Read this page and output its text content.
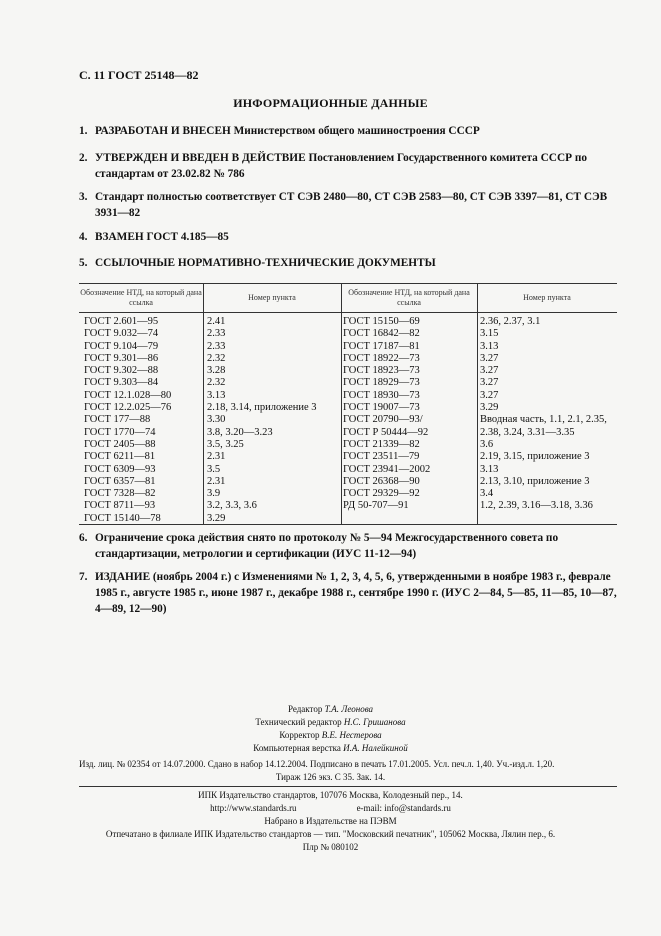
С. 11 ГОСТ 25148—82
ИНФОРМАЦИОННЫЕ ДАННЫЕ
1. РАЗРАБОТАН И ВНЕСЕН Министерством общего машиностроения СССР
2. УТВЕРЖДЕН И ВВЕДЕН В ДЕЙСТВИЕ Постановлением Государственного комитета СССР по стандартам от 23.02.82 № 786
3. Стандарт полностью соответствует СТ СЭВ 2480—80, СТ СЭВ 2583—80, СТ СЭВ 3397—81, СТ СЭВ 3931—82
4. ВЗАМЕН ГОСТ 4.185—85
5. ССЫЛОЧНЫЕ НОРМАТИВНО-ТЕХНИЧЕСКИЕ ДОКУМЕНТЫ
Обозначение НТД, на который дана ссылка
Номер пункта
Обозначение НТД, на который дана ссылка
Номер пункта
ГОСТ 2.601—95
ГОСТ 9.032—74
ГОСТ 9.104—79
ГОСТ 9.301—86
ГОСТ 9.302—88
ГОСТ 9.303—84
ГОСТ 12.1.028—80
ГОСТ 12.2.025—76
ГОСТ 177—88
ГОСТ 1770—74
ГОСТ 2405—88
ГОСТ 6211—81
ГОСТ 6309—93
ГОСТ 6357—81
ГОСТ 7328—82
ГОСТ 8711—93
ГОСТ 15140—78
2.41
2.33
2.33
2.32
3.28
2.32
3.13
2.18, 3.14, приложение 3
3.30
3.8, 3.20—3.23
3.5, 3.25
2.31
3.5
2.31
3.9
3.2, 3.3, 3.6
3.29
ГОСТ 15150—69
ГОСТ 16842—82
ГОСТ 17187—81
ГОСТ 18922—73
ГОСТ 18923—73
ГОСТ 18929—73
ГОСТ 18930—73
ГОСТ 19007—73
ГОСТ 20790—93/
ГОСТ Р 50444—92
ГОСТ 21339—82
ГОСТ 23511—79
ГОСТ 23941—2002
ГОСТ 26368—90
ГОСТ 29329—92
РД 50-707—91
2.36, 2.37, 3.1
3.15
3.13
3.27
3.27
3.27
3.27
3.29
Вводная часть, 1.1, 2.1, 2.35,
2.38, 3.24, 3.31—3.35
3.6
2.19, 3.15, приложение 3
3.13
2.13, 3.10, приложение 3
3.4
1.2, 2.39, 3.16—3.18, 3.36
6. Ограничение срока действия снято по протоколу № 5—94 Межгосударственного совета по стандартизации, метрологии и сертификации (ИУС 11-12—94)
7. ИЗДАНИЕ (ноябрь 2004 г.) с Изменениями № 1, 2, 3, 4, 5, 6, утвержденными в ноябре 1983 г., феврале 1985 г., августе 1985 г., июне 1987 г., декабре 1988 г., сентябре 1990 г. (ИУС 2—84, 5—85, 11—85, 10—87, 4—89, 12—90)
Редактор Т.А. Леонова
Технический редактор Н.С. Гришанова
Корректор В.Е. Нестерова
Компьютерная верстка И.А. Налейкиной
Изд. лиц. № 02354 от 14.07.2000. Сдано в набор 14.12.2004. Подписано в печать 17.01.2005. Усл. печ.л. 1,40. Уч.-изд.л. 1,20.
Тираж 126 экз. С 35. Зак. 14.
ИПК Издательство стандартов, 107076 Москва, Колодезный пер., 14.
http://www.standards.ru	e-mail: info@standards.ru
Набрано в Издательстве на ПЭВМ
Отпечатано в филиале ИПК Издательство стандартов — тип. "Московский печатник", 105062 Москва, Лялин пер., 6.
Плр № 080102
